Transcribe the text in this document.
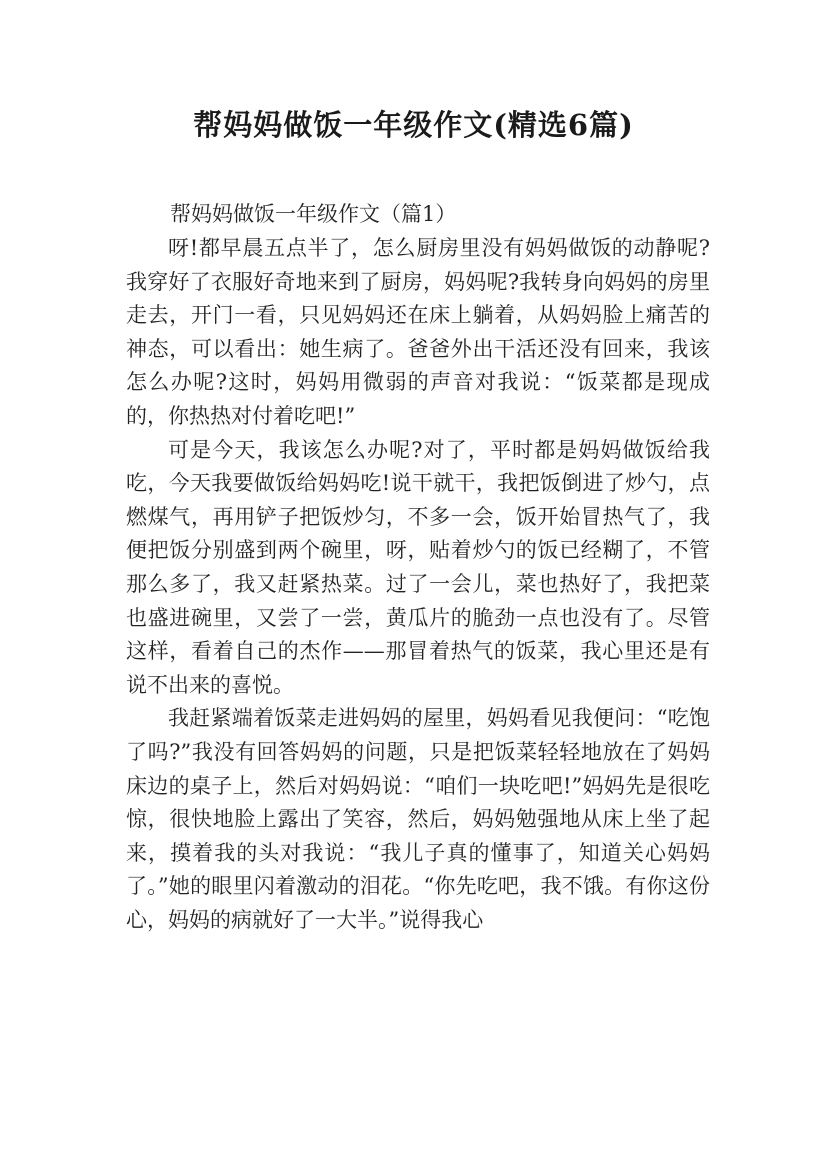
帮妈妈做饭一年级作文(精选6篇)
帮妈妈做饭一年级作文（篇1）

呀!都早晨五点半了，怎么厨房里没有妈妈做饭的动静呢?我穿好了衣服好奇地来到了厨房，妈妈呢?我转身向妈妈的房里走去，开门一看，只见妈妈还在床上躺着，从妈妈脸上痛苦的神态，可以看出：她生病了。爸爸外出干活还没有回来，我该怎么办呢?这时，妈妈用微弱的声音对我说：“饭菜都是现成的，你热热对付着吃吧!”

可是今天，我该怎么办呢?对了，平时都是妈妈做饭给我吃，今天我要做饭给妈妈吃!说干就干，我把饭倒进了炒勺，点燃煤气，再用铲子把饭炒匀，不多一会，饭开始冒热气了，我便把饭分别盛到两个碗里，呀，贴着炒勺的饭已经糊了，不管那么多了，我又赶紧热菜。过了一会儿，菜也热好了，我把菜也盛进碗里，又尝了一尝，黄瓜片的脆劲一点也没有了。尽管这样，看着自己的杰作——那冒着热气的饭菜，我心里还是有说不出来的喜悦。

我赶紧端着饭菜走进妈妈的屋里，妈妈看见我便问：“吃饱了吗?”我没有回答妈妈的问题，只是把饭菜轻轻地放在了妈妈床边的桌子上，然后对妈妈说：“咱们一块吃吧!”妈妈先是很吃惊，很快地脸上露出了笑容，然后，妈妈勉强地从床上坐了起来，摸着我的头对我说：“我儿子真的懂事了，知道关心妈妈了。”她的眼里闪着激动的泪花。“你先吃吧，我不饿。有你这份心，妈妈的病就好了一大半。”说得我心
